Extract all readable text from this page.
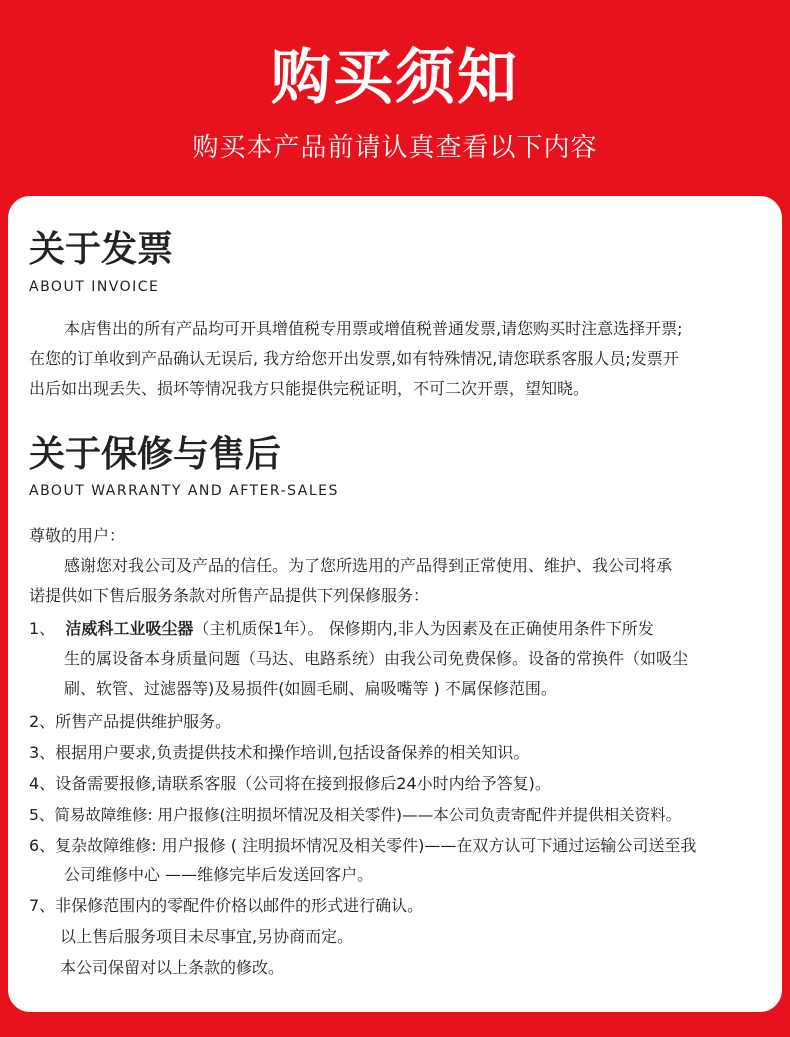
购买须知
购买本产品前请认真查看以下内容
关于发票
ABOUT INVOICE
本店售出的所有产品均可开具增值税专用票或增值税普通发票,请您购买时注意选择开票;
在您的订单收到产品确认无误后, 我方给您开出发票,如有特殊情况,请您联系客服人员;发票开
出后如出现丢失、损坏等情况我方只能提供完税证明，不可二次开票，望知晓。
关于保修与售后
ABOUT WARRANTY AND AFTER-SALES
尊敬的用户：
感谢您对我公司及产品的信任。为了您所选用的产品得到正常使用、维护、我公司将承
诺提供如下售后服务条款对所售产品提供下列保修服务：
1、 洁威科工业吸尘器（主机质保1年）。 保修期内,非人为因素及在正确使用条件下所发
生的属设备本身质量问题（马达、电路系统）由我公司免费保修。设备的常换件（如吸尘
刷、软管、过滤器等)及易损件(如圆毛刷、扁吸嘴等 ) 不属保修范围。
2、所售产品提供维护服务。
3、根据用户要求,负责提供技术和操作培训,包括设备保养的相关知识。
4、设备需要报修,请联系客服（公司将在接到报修后24小时内给予答复)。
5、简易故障维修: 用户报修(注明损坏情况及相关零件)——本公司负责寄配件并提供相关资料。
6、复杂故障维修: 用户报修 ( 注明损坏情况及相关零件)——在双方认可下通过运输公司送至我
公司维修中心 ——维修完毕后发送回客户。
7、非保修范围内的零配件价格以邮件的形式进行确认。
以上售后服务项目未尽事宜,另协商而定。
本公司保留对以上条款的修改。
